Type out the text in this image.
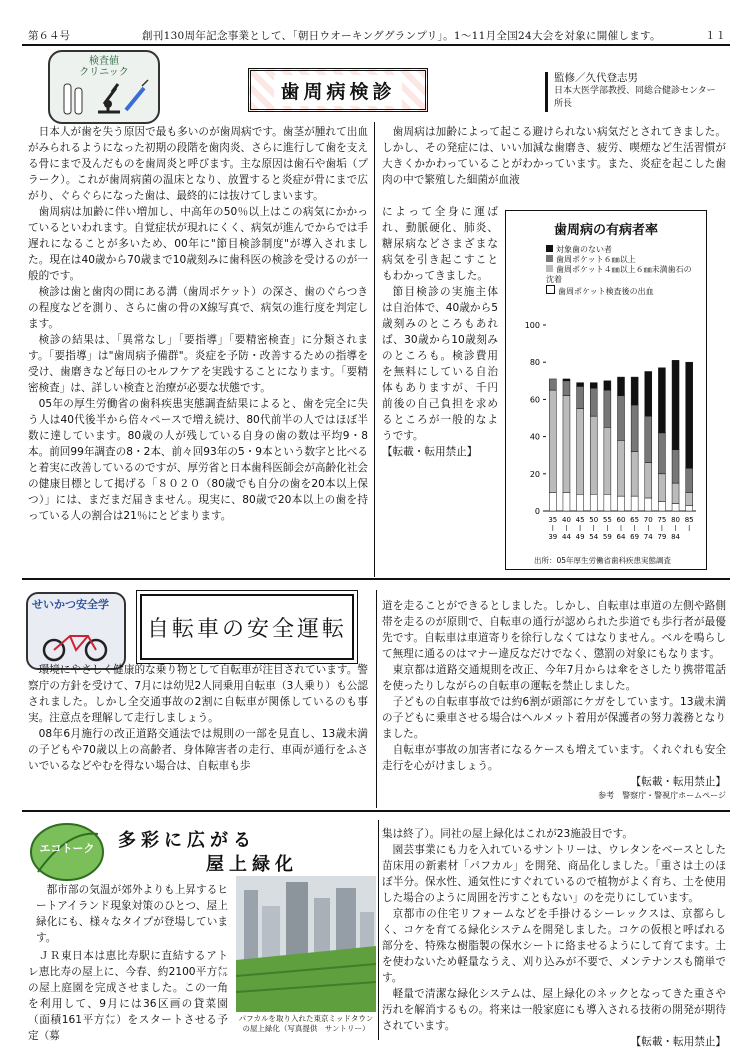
第６４号	創刊130周年記念事業として、「朝日ウオーキンググランプリ」。1～11月全国24大会を対象に開催します。	１１
検査値
クリニック
歯周病検診
監修／久代登志男
日本大医学部教授、同総合健診センター所長

日本人が歯を失う原因で最も多いのが歯周病です。歯茎が腫れて出血がみられるようになった初期の段階を歯肉炎、さらに進行して歯を支える骨にまで及んだものを歯周炎と呼びます。主な原因は歯石や歯垢（プラーク）。これが歯周病菌の温床となり、放置すると炎症が骨にまで広がり、ぐらぐらになった歯は、最終的には抜けてしまいます。

歯周病は加齢に伴い増加し、中高年の50％以上はこの病気にかかっているといわれます。自覚症状が現れにくく、病気が進んでからでは手遅れになることが多いため、00年に"節目検診制度"が導入されました。現在は40歳から70歳まで10歳刻みに歯科医の検診を受けるのが一般的です。

検診は歯と歯肉の間にある溝（歯周ポケット）の深さ、歯のぐらつきの程度などを測り、さらに歯の骨のX線写真で、病気の進行度を判定します。

検診の結果は、「異常なし」「要指導」「要精密検査」に分類されます。「要指導」は"歯周病予備群"。炎症を予防・改善するための指導を受け、歯磨きなど毎日のセルフケアを実践することになります。「要精密検査」は、詳しい検査と治療が必要な状態です。

05年の厚生労働省の歯科疾患実態調査結果によると、歯を完全に失う人は40代後半から倍々ペースで増え続け、80代前半の人ではほぼ半数に達しています。80歳の人が残している自身の歯の数は平均9・8本。前回99年調査の8・2本、前々回93年の5・9本という数字と比べると着実に改善しているのですが、厚労省と日本歯科医師会が高齢化社会の健康目標として掲げる「８０２０（80歳でも自分の歯を20本以上保つ）」には、まだまだ届きません。現実に、80歳で20本以上の歯を持っている人の割合は21％にとどまります。

歯周病は加齢によって起こる避けられない病気だとされてきました。しかし、その発症には、いい加減な歯磨き、疲労、喫煙など生活習慣が大きくかかわっていることがわかっています。また、炎症を起こした歯肉の中で繁殖した細菌が血液

によって全身に運ばれ、動脈硬化、肺炎、糖尿病などさまざまな病気を引き起こすこともわかってきました。

節目検診の実施主体は自治体で、40歳から5歳刻みのところもあれば、30歳から10歳刻みのところも。検診費用を無料にしている自治体もありますが、千円前後の自己負担を求めるところが一般的なようです。

【転載・転用禁止】
歯周病の有病者率
対象歯のない者
歯周ポケット６㎜以上
歯周ポケット４㎜以上６㎜未満歯石の沈着
歯周ポケット検査後の出血
0
20
40
60
80
100
35
39
40
44
45
49
50
54
55
59
60
64
65
69
70
74
75
79
80
84
85
出所：05年厚生労働省歯科疾患実態調査
せいかつ安全学
自転車の安全運転

環境にやさしく健康的な乗り物として自転車が注目されています。警察庁の方針を受けて、7月には幼児2人同乗用自転車（3人乗り）も公認されました。しかし全交通事故の2割に自転車が関係しているのも事実。注意点を理解して走行しましょう。

08年6月施行の改正道路交通法では規則の一部を見直し、13歳未満の子どもや70歳以上の高齢者、身体障害者の走行、車両が通行をふさいでいるなどやむを得ない場合は、自転車も歩

道を走ることができるとしました。しかし、自転車は車道の左側や路側帯を走るのが原則で、自転車の通行が認められた歩道でも歩行者が最優先です。自転車は車道寄りを徐行しなくてはなりません。ベルを鳴らして無理に通るのはマナー違反なだけでなく、懲罰の対象にもなります。

東京都は道路交通規則を改正、今年7月からは傘をさしたり携帯電話を使ったりしながらの自転車の運転を禁止しました。

子どもの自転車事故では約6割が頭部にケガをしています。13歳未満の子どもに乗車させる場合はヘルメット着用が保護者の努力義務となりました。

自転車が事故の加害者になるケースも増えています。くれぐれも安全走行を心がけましょう。

【転載・転用禁止】
参考　警察庁・警視庁ホームページ
エコトーク 多彩に広がる
屋上緑化

都市部の気温が郊外よりも上昇するヒートアイランド現象対策のひとつ、屋上緑化にも、様々なタイプが登場しています。

ＪＲ東日本は恵比寿駅に直結するアトレ恵比寿の屋上に、今春、約2100平方㍍の屋上庭園を完成させました。この一角を利用して、9月には36区画の貸菜園（面積161平方㍍）をスタートさせる予定（募

パフカルを取り入れた東京ミッドタウンの屋上緑化（写真提供　サントリー）

集は終了）。同社の屋上緑化はこれが23施設目です。

園芸事業にも力を入れているサントリーは、ウレタンをベースとした苗床用の新素材「パフカル」を開発、商品化しました。「重さは土のほぼ半分。保水性、通気性にすぐれているので植物がよく育ち、土を使用した場合のように周囲を汚すこともない」のを売りにしています。

京都市の住宅リフォームなどを手掛けるシーレックスは、京都らしく、コケを育てる緑化システムを開発しました。コケの仮根と呼ばれる部分を、特殊な樹脂製の保水シートに絡ませるようにして育てます。土を使わないため軽量なうえ、刈り込みが不要で、メンテナンスも簡単です。

軽量で清潔な緑化システムは、屋上緑化のネックとなってきた重さや汚れを解消するもの。将来は一般家庭にも導入される技術の開発が期待されています。

【転載・転用禁止】
